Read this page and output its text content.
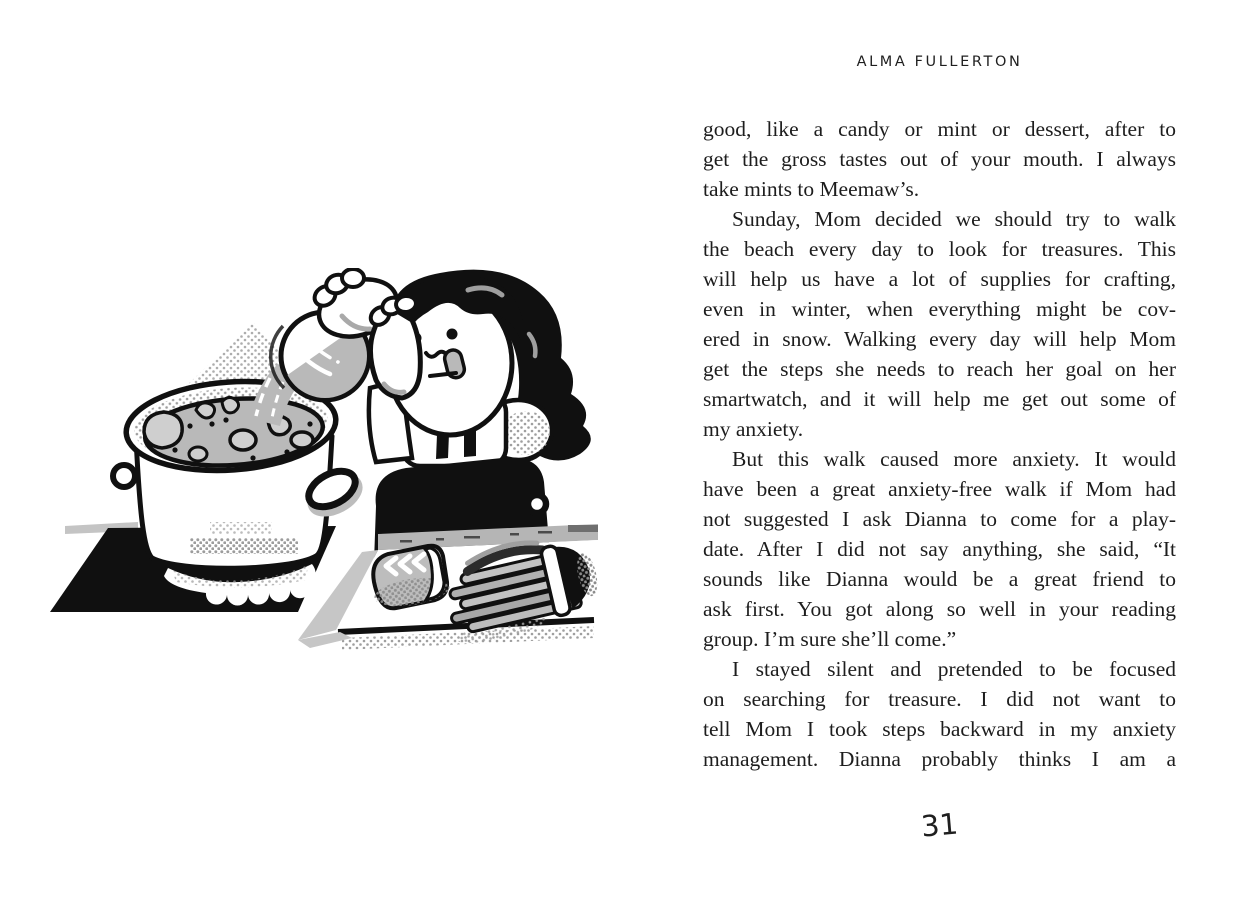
ALMA FULLERTON
good, like a candy or mint or dessert, after to
get the gross tastes out of your mouth. I always
take mints to Meemaw’s.
Sunday, Mom decided we should try to walk
the beach every day to look for treasures. This
will help us have a lot of supplies for crafting,
even in winter, when everything might be cov-
ered in snow. Walking every day will help Mom
get the steps she needs to reach her goal on her
smartwatch, and it will help me get out some of
my anxiety.
But this walk caused more anxiety. It would
have been a great anxiety-free walk if Mom had
not suggested I ask Dianna to come for a play-
date. After I did not say anything, she said, “It
sounds like Dianna would be a great friend to
ask first. You got along so well in your reading
group. I’m sure she’ll come.”
I stayed silent and pretended to be focused
on searching for treasure. I did not want to
tell Mom I took steps backward in my anxiety
management. Dianna probably thinks I am a
31
